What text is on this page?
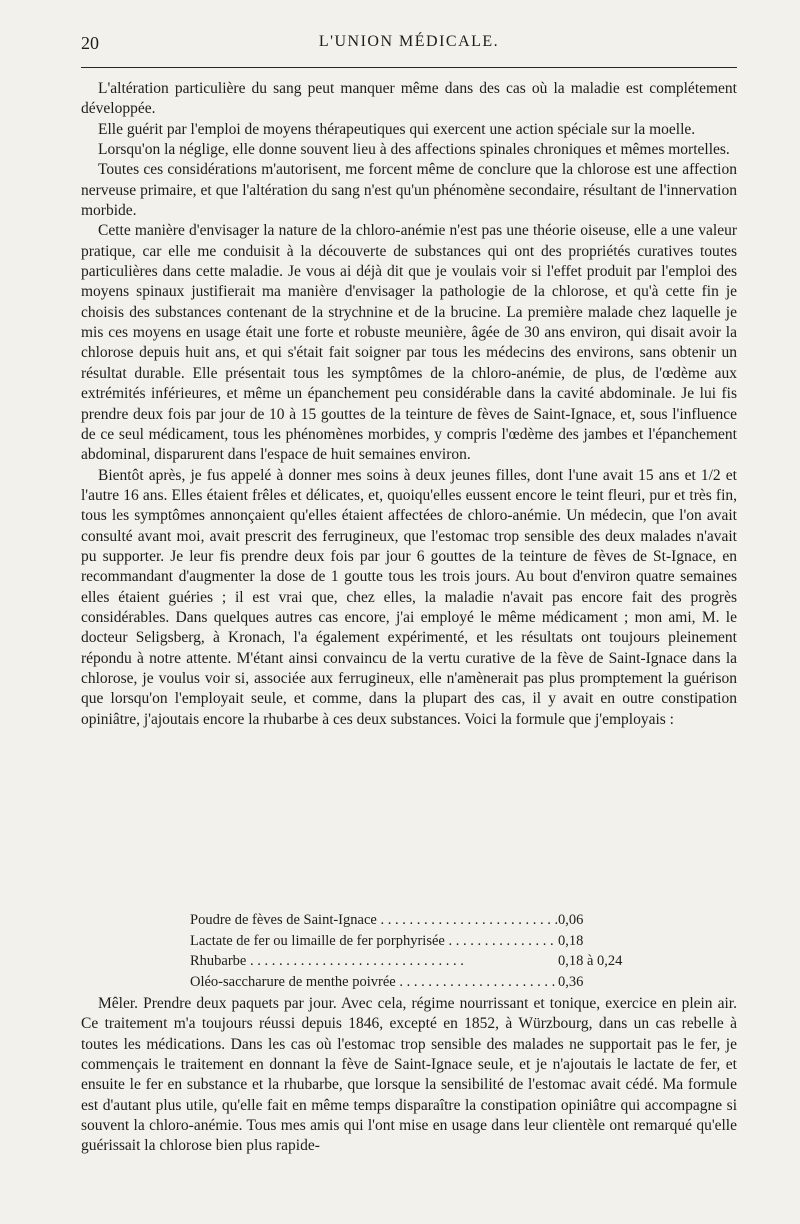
20	L'UNION MÉDICALE.

L'altération particulière du sang peut manquer même dans des cas où la maladie est complétement développée.

Elle guérit par l'emploi de moyens thérapeutiques qui exercent une action spéciale sur la moelle.

Lorsqu'on la néglige, elle donne souvent lieu à des affections spinales chroniques et mêmes mortelles.

Toutes ces considérations m'autorisent, me forcent même de conclure que la chlorose est une affection nerveuse primaire, et que l'altération du sang n'est qu'un phénomène secondaire, résultant de l'innervation morbide.

Cette manière d'envisager la nature de la chloro-anémie n'est pas une théorie oiseuse, elle a une valeur pratique, car elle me conduisit à la découverte de substances qui ont des propriétés curatives toutes particulières dans cette maladie. Je vous ai déjà dit que je voulais voir si l'effet produit par l'emploi des moyens spinaux justifierait ma manière d'envisager la pathologie de la chlorose, et qu'à cette fin je choisis des substances contenant de la strychnine et de la brucine. La première malade chez laquelle je mis ces moyens en usage était une forte et robuste meunière, âgée de 30 ans environ, qui disait avoir la chlorose depuis huit ans, et qui s'était fait soigner par tous les médecins des environs, sans obtenir un résultat durable. Elle présentait tous les symptômes de la chloro-anémie, de plus, de l'œdème aux extrémités inférieures, et même un épanchement peu considérable dans la cavité abdominale. Je lui fis prendre deux fois par jour de 10 à 15 gouttes de la teinture de fèves de Saint-Ignace, et, sous l'influence de ce seul médicament, tous les phénomènes morbides, y compris l'œdème des jambes et l'épanchement abdominal, disparurent dans l'espace de huit semaines environ.

Bientôt après, je fus appelé à donner mes soins à deux jeunes filles, dont l'une avait 15 ans et 1/2 et l'autre 16 ans. Elles étaient frêles et délicates, et, quoiqu'elles eussent encore le teint fleuri, pur et très fin, tous les symptômes annonçaient qu'elles étaient affectées de chloro-anémie. Un médecin, que l'on avait consulté avant moi, avait prescrit des ferrugineux, que l'estomac trop sensible des deux malades n'avait pu supporter. Je leur fis prendre deux fois par jour 6 gouttes de la teinture de fèves de St-Ignace, en recommandant d'augmenter la dose de 1 goutte tous les trois jours. Au bout d'environ quatre semaines elles étaient guéries ; il est vrai que, chez elles, la maladie n'avait pas encore fait des progrès considérables. Dans quelques autres cas encore, j'ai employé le même médicament ; mon ami, M. le docteur Seligsberg, à Kronach, l'a également expérimenté, et les résultats ont toujours pleinement répondu à notre attente. M'étant ainsi convaincu de la vertu curative de la fève de Saint-Ignace dans la chlorose, je voulus voir si, associée aux ferrugineux, elle n'amènerait pas plus promptement la guérison que lorsqu'on l'employait seule, et comme, dans la plupart des cas, il y avait en outre constipation opiniâtre, j'ajoutais encore la rhubarbe à ces deux substances. Voici la formule que j'employais :

Poudre de fèves de Saint-Ignace . . .	0,06
Lactate de fer ou limaille de fer porphyrisée . . .	0,18
Rhubarbe . . .	0,18 à 0,24
Oléo-saccharure de menthe poivrée . . .	0,36

Mêler. Prendre deux paquets par jour. Avec cela, régime nourrissant et tonique, exercice en plein air. Ce traitement m'a toujours réussi depuis 1846, excepté en 1852, à Würzbourg, dans un cas rebelle à toutes les médications. Dans les cas où l'estomac trop sensible des malades ne supportait pas le fer, je commençais le traitement en donnant la fève de Saint-Ignace seule, et je n'ajoutais le lactate de fer, et ensuite le fer en substance et la rhubarbe, que lorsque la sensibilité de l'estomac avait cédé. Ma formule est d'autant plus utile, qu'elle fait en même temps disparaître la constipation opiniâtre qui accompagne si souvent la chloro-anémie. Tous mes amis qui l'ont mise en usage dans leur clientèle ont remarqué qu'elle guérissait la chlorose bien plus rapide-
